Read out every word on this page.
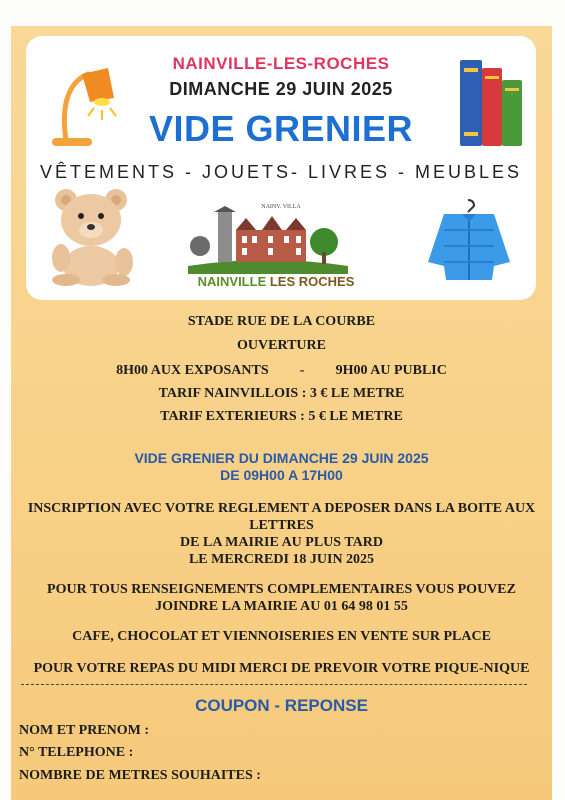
NAINVILLE-LES-ROCHES
DIMANCHE 29 JUIN 2025
VIDE GRENIER
VÊTEMENTS - JOUETS- LIVRES - MEUBLES
NAINV. VILLA
NAINVILLE LES ROCHES
STADE RUE DE LA COURBE
OUVERTURE
8H00 AUX EXPOSANTS - 9H00 AU PUBLIC
TARIF NAINVILLOIS : 3 € LE METRE
TARIF EXTERIEURS : 5 € LE METRE
VIDE GRENIER DU DIMANCHE 29 JUIN 2025
DE 09H00 A 17H00
INSCRIPTION AVEC VOTRE REGLEMENT A DEPOSER DANS LA BOITE AUX
LETTRES
DE LA MAIRIE AU PLUS TARD
LE MERCREDI 18 JUIN 2025
POUR TOUS RENSEIGNEMENTS COMPLEMENTAIRES VOUS POUVEZ
JOINDRE LA MAIRIE AU 01 64 98 01 55
CAFE, CHOCOLAT ET VIENNOISERIES EN VENTE SUR PLACE
POUR VOTRE REPAS DU MIDI MERCI DE PREVOIR VOTRE PIQUE-NIQUE
COUPON - REPONSE
NOM ET PRENOM :
N° TELEPHONE :
NOMBRE DE METRES SOUHAITES :
